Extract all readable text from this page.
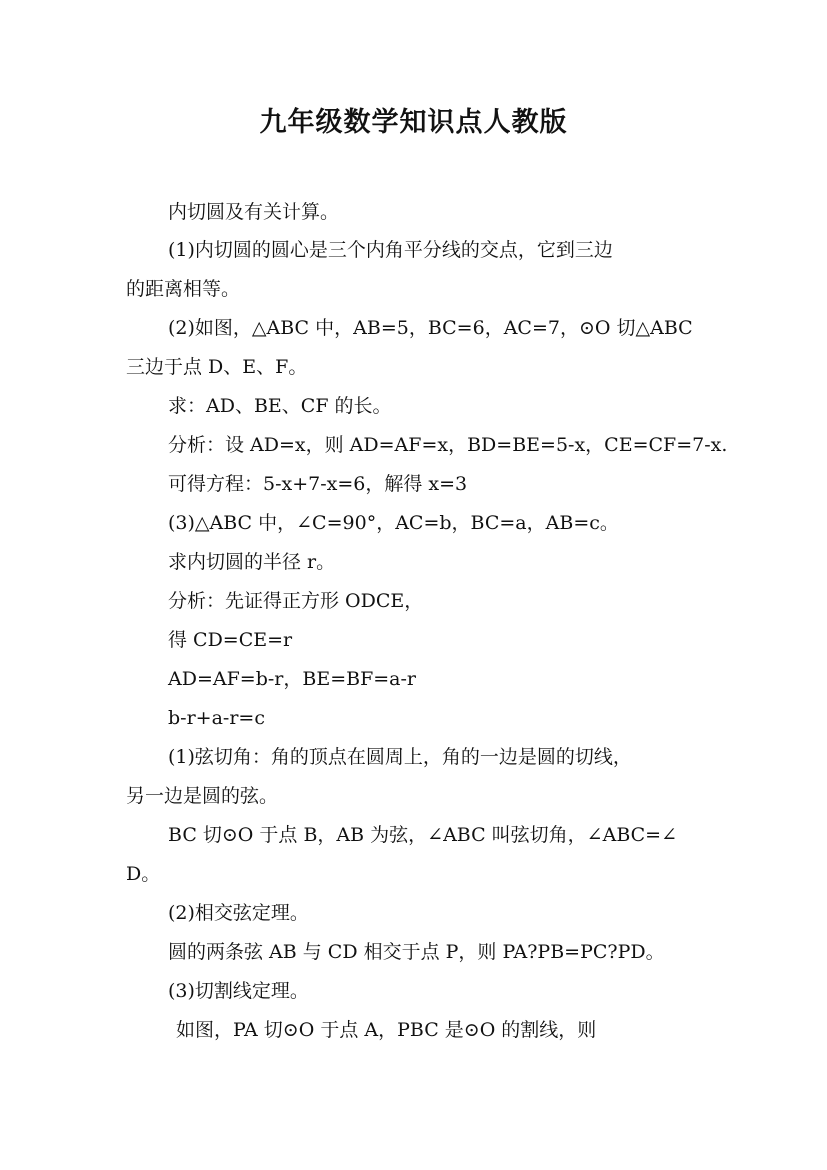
九年级数学知识点人教版
内切圆及有关计算。
(1)内切圆的圆心是三个内角平分线的交点，它到三边
的距离相等。
(2)如图，△ABC 中，AB=5，BC=6，AC=7，⊙O 切△ABC
三边于点 D、E、F。
求：AD、BE、CF 的长。
分析：设 AD=x，则 AD=AF=x，BD=BE=5-x，CE=CF=7-x.
可得方程：5-x+7-x=6，解得 x=3
(3)△ABC 中，∠C=90°，AC=b，BC=a，AB=c。
求内切圆的半径 r。
分析：先证得正方形 ODCE，
得 CD=CE=r
AD=AF=b-r，BE=BF=a-r
b-r+a-r=c
(1)弦切角：角的顶点在圆周上，角的一边是圆的切线，
另一边是圆的弦。
BC 切⊙O 于点 B，AB 为弦，∠ABC 叫弦切角，∠ABC=∠
D。
(2)相交弦定理。
圆的两条弦 AB 与 CD 相交于点 P，则 PA?PB=PC?PD。
(3)切割线定理。
如图，PA 切⊙O 于点 A，PBC 是⊙O 的割线，则
